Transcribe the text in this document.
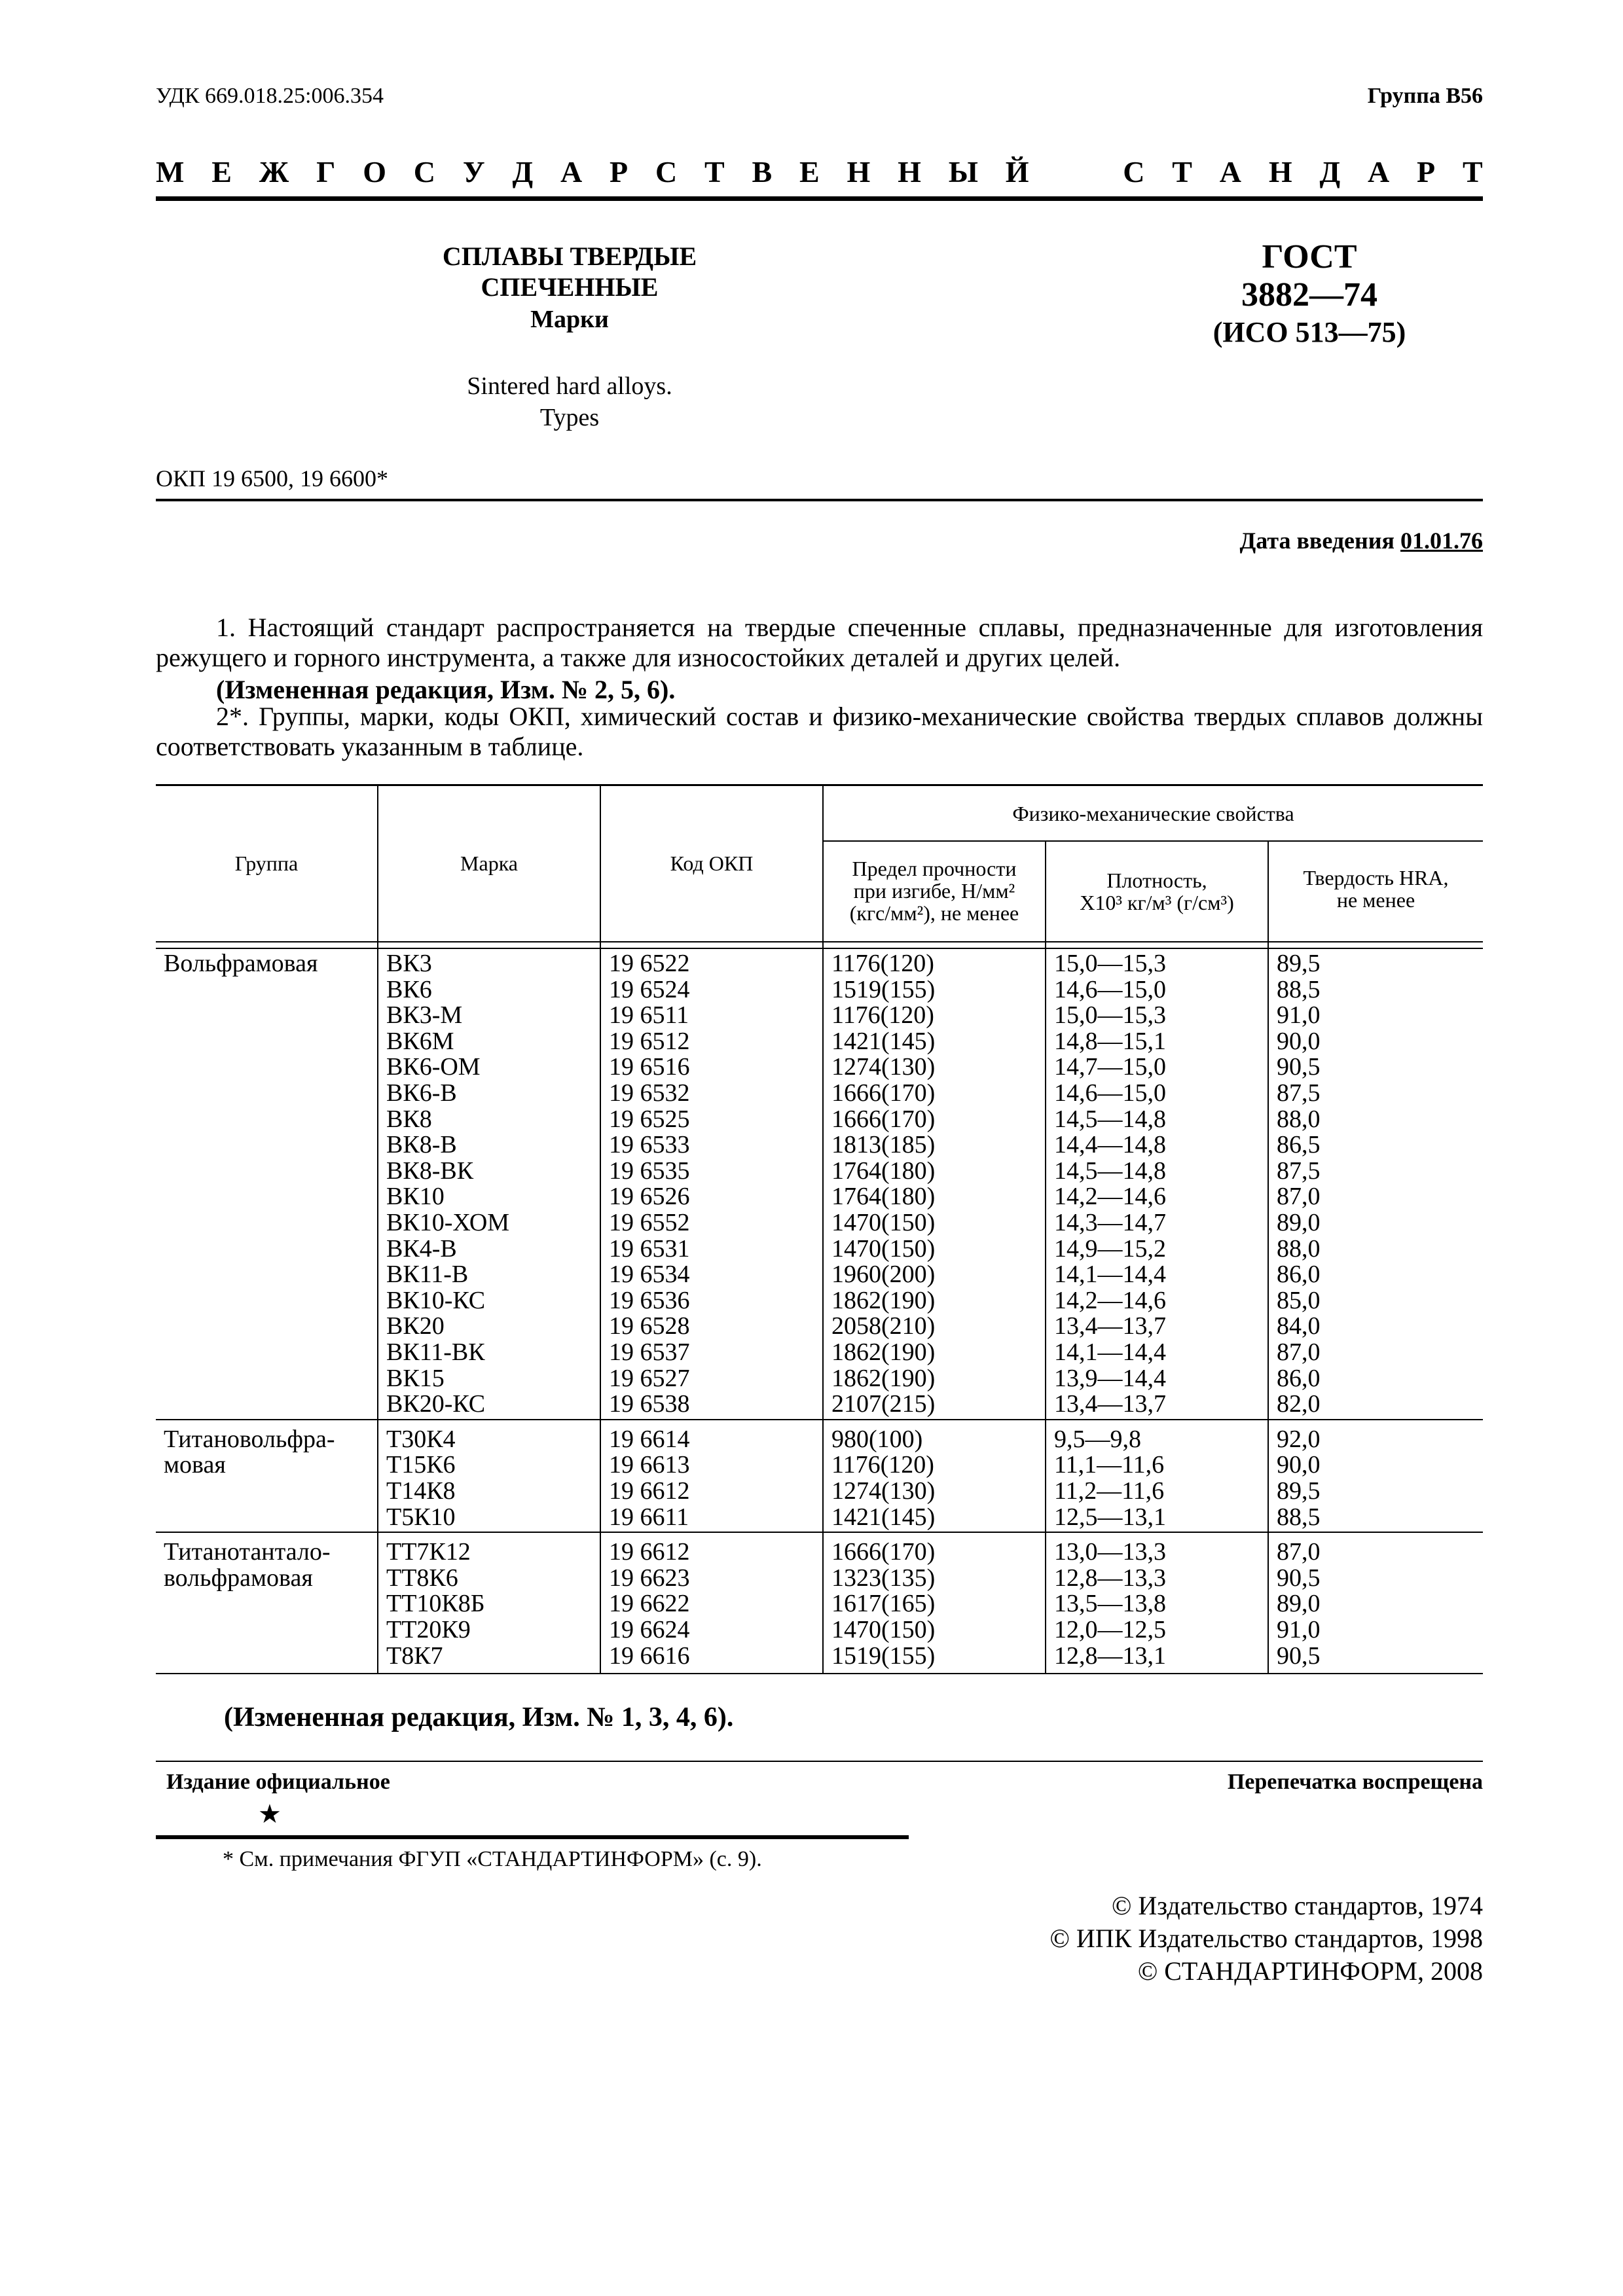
УДК 669.018.25:006.354	Группа В56
М Е Ж Г О С У Д А Р С Т В Е Н Н Ы Й	С Т А Н Д А Р Т
СПЛАВЫ ТВЕРДЫЕ СПЕЧЕННЫЕ
Марки
Sintered hard alloys.
Types
ГОСТ
3882—74
(ИСО 513—75)
ОКП 19 6500, 19 6600*
Дата введения 01.01.76
1. Настоящий стандарт распространяется на твердые спеченные сплавы, предназначенные для изготовления режущего и горного инструмента, а также для износостойких деталей и других целей.
(Измененная редакция, Изм. № 2, 5, 6).
2*. Группы, марки, коды ОКП, химический состав и физико-механические свойства твердых сплавов должны соответствовать указанным в таблице.
Группа	Марка	Код ОКП
Физико-механические свойства
Предел прочности
при изгибе, Н/мм²
(кгс/мм²), не менее
Плотность,
Х10³ кг/м³ (г/см³)
Твердость HRA,
не менее
Вольфрамовая	ВК3	19 6522	1176(120)	15,0—15,3	89,5
ВК6	19 6524	1519(155)	14,6—15,0	88,5
ВК3-М	19 6511	1176(120)	15,0—15,3	91,0
ВК6М	19 6512	1421(145)	14,8—15,1	90,0
ВК6-ОМ	19 6516	1274(130)	14,7—15,0	90,5
ВК6-В	19 6532	1666(170)	14,6—15,0	87,5
ВК8	19 6525	1666(170)	14,5—14,8	88,0
ВК8-В	19 6533	1813(185)	14,4—14,8	86,5
ВК8-ВК	19 6535	1764(180)	14,5—14,8	87,5
ВК10	19 6526	1764(180)	14,2—14,6	87,0
ВК10-ХОМ	19 6552	1470(150)	14,3—14,7	89,0
ВК4-В	19 6531	1470(150)	14,9—15,2	88,0
ВК11-В	19 6534	1960(200)	14,1—14,4	86,0
ВК10-КС	19 6536	1862(190)	14,2—14,6	85,0
ВК20	19 6528	2058(210)	13,4—13,7	84,0
ВК11-ВК	19 6537	1862(190)	14,1—14,4	87,0
ВК15	19 6527	1862(190)	13,9—14,4	86,0
ВК20-КС	19 6538	2107(215)	13,4—13,7	82,0
Титановольфра-
мовая
Т30К4	19 6614	980(100)	9,5—9,8	92,0
Т15К6	19 6613	1176(120)	11,1—11,6	90,0
Т14К8	19 6612	1274(130)	11,2—11,6	89,5
Т5К10	19 6611	1421(145)	12,5—13,1	88,5
Титанотантало-
вольфрамовая
ТТ7К12	19 6612	1666(170)	13,0—13,3	87,0
ТТ8К6	19 6623	1323(135)	12,8—13,3	90,5
ТТ10К8Б	19 6622	1617(165)	13,5—13,8	89,0
ТТ20К9	19 6624	1470(150)	12,0—12,5	91,0
Т8К7	19 6616	1519(155)	12,8—13,1	90,5
(Измененная редакция, Изм. № 1, 3, 4, 6).
Издание официальное
★
Перепечатка воспрещена
* См. примечания ФГУП «СТАНДАРТИНФОРМ» (с. 9).
© Издательство стандартов, 1974
© ИПК Издательство стандартов, 1998
© СТАНДАРТИНФОРМ, 2008
